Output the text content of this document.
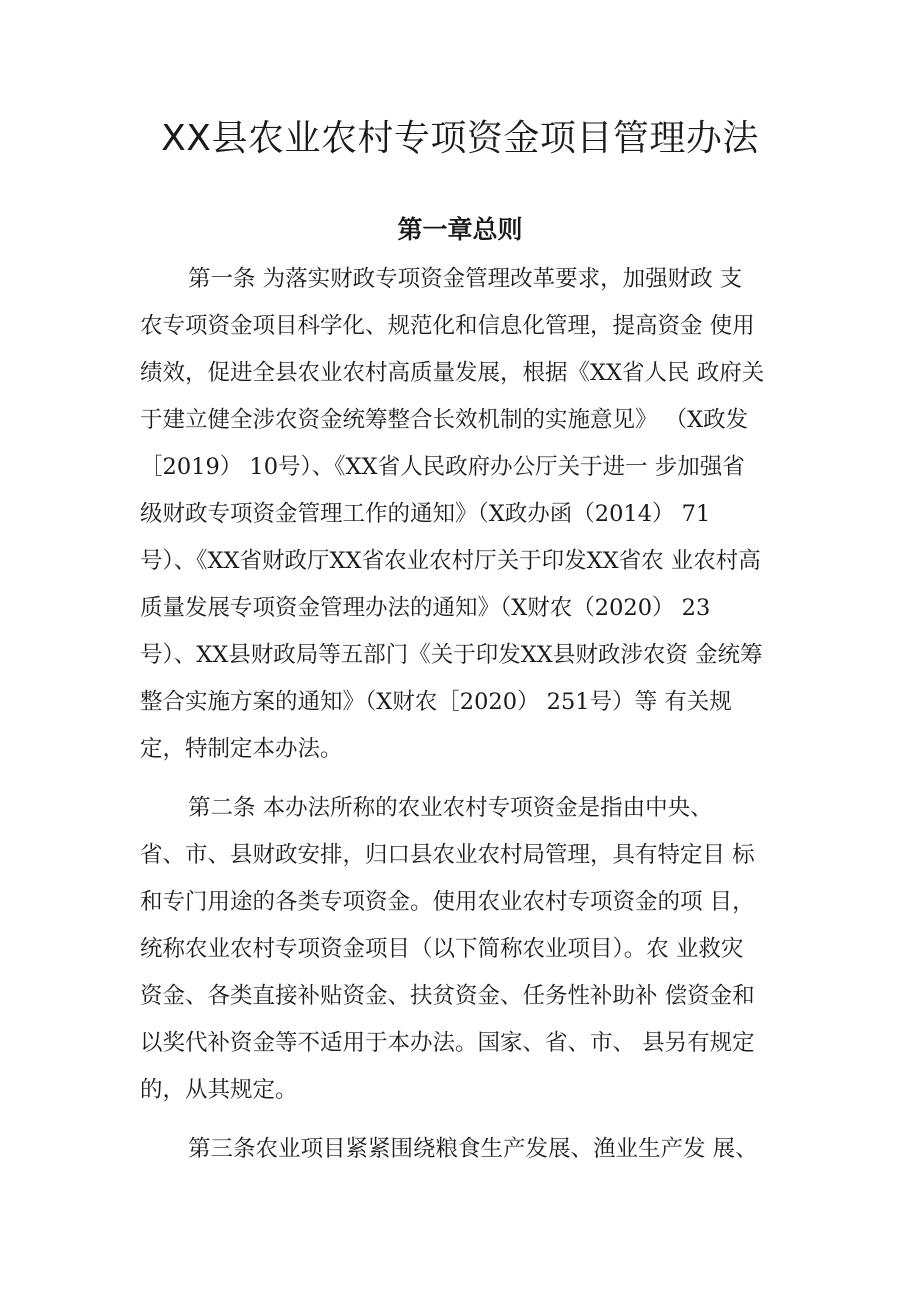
XX县农业农村专项资金项目管理办法
第一章总则
第一条 为落实财政专项资金管理改革要求，加强财政 支
农专项资金项目科学化、规范化和信息化管理，提高资金 使用
绩效，促进全县农业农村高质量发展，根据《XX省人民 政府关
于建立健全涉农资金统筹整合长效机制的实施意见》 （X政发
［2019） 10号）、《XX省人民政府办公厅关于进一 步加强省
级财政专项资金管理工作的通知》（X政办函（2014） 71
号）、《XX省财政厅XX省农业农村厅关于印发XX省农 业农村高
质量发展专项资金管理办法的通知》（X财农（2020） 23
号）、XX县财政局等五部门《关于印发XX县财政涉农资 金统筹
整合实施方案的通知》（X财农［2020） 251号）等 有关规
定，特制定本办法。
第二条 本办法所称的农业农村专项资金是指由中央、
省、市、县财政安排，归口县农业农村局管理，具有特定目 标
和专门用途的各类专项资金。使用农业农村专项资金的项 目，
统称农业农村专项资金项目（以下简称农业项目）。农 业救灾
资金、各类直接补贴资金、扶贫资金、任务性补助补 偿资金和
以奖代补资金等不适用于本办法。国家、省、市、 县另有规定
的，从其规定。
第三条农业项目紧紧围绕粮食生产发展、渔业生产发 展、
